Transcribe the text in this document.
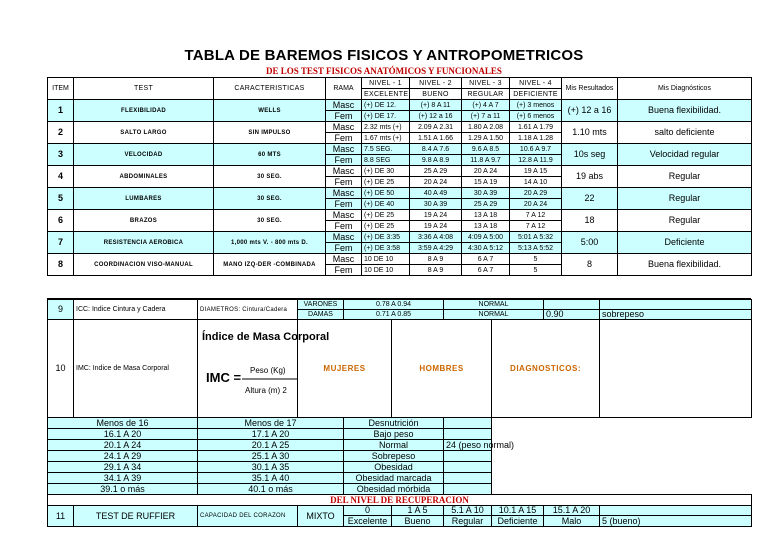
TABLA DE BAREMOS FISICOS Y ANTROPOMETRICOS
DE LOS TEST FISICOS ANATÓMICOS Y FUNCIONALES
ITEM	TEST	CARACTERISTICAS	RAMA	NIVEL - 1	NIVEL - 2	NIVEL - 3	NIVEL - 4	Mis Resultados	Mis Diagnósticos
				EXCELENTE	BUENO	REGULAR	DEFICIENTE		
1	FLEXIBILIDAD	WELLS	Masc	(+) DE 12.	(+) 8 A 11	(+) 4 A 7	(+) 3 menos	(+) 12 a 16	Buena flexibilidad.
			Fem	(+) DE 17.	(+) 12 a 16	(+) 7 a 11	(+) 6 menos		
2	SALTO LARGO	SIN IMPULSO	Masc	2.32 mts (+)	2.09 A 2.31	1.80 A 2.08	1.61 A 1.79	1.10 mts	salto deficiente
			Fem	1.67 mts (+)	1.51 A 1.66	1.29 A 1.50	1.18 A 1.28		
3	VELOCIDAD	60 MTS	Masc	7.5 SEG.	8.4 A 7.6	9.6 A 8.5	10.6 A 9.7	10s seg	Velocidad regular
			Fem	8.8 SEG	9.8 A 8.9	11.8 A 9.7	12.8 A 11.9		
4	ABDOMINALES	30 SEG.	Masc	(+) DE 30	25 A 29	20 A 24	19 A 15	19 abs	Regular
			Fem	(+) DE 25	20 A 24	15 A 19	14 A 10		
5	LUMBARES	30 SEG.	Masc	(+) DE 50	40 A 49	30 A 39	20 A 29	22	Regular
			Fem	(+) DE 40	30 A 39	25 A 29	20 A 24		
6	BRAZOS	30 SEG.	Masc	(+) DE 25	19 A 24	13 A 18	7 A 12	18	Regular
			Fem	(+) DE 25	19 A 24	13 A 18	7 A 12		
7	RESISTENCIA AEROBICA	1,000 mts V. - 800 mts D.	Masc	(+) DE 3:35	3:36 A 4:08	4:09 A 5:00	5:01 A 5:32	5:00	Deficiente
			Fem	(+) DE 3:58	3:59 A 4:29	4:30 A 5:12	5:13 A 5:52		
8	COORDINACION VISO-MANUAL	MANO IZQ-DER -COMBINADA	Masc	10 DE 10	8 A 9	6 A 7	5	8	Buena flexibilidad.
			Fem	10 DE 10	8 A 9	6 A 7	5		
9	ICC: Indice Cintura y Cadera	DIAMETROS: Cintura/Cadera	VARONES	0.78 A 0.94		NORMAL			
			DAMAS	0.71 A 0.85		NORMAL		0.90	sobrepeso
10	IMC: Indice de Masa Corporal	Índice de Masa Corporal
IMC = Peso (Kg)
Altura (m) 2	MUJERES		HOMBRES		DIAGNOSTICOS:		
Menos de 16		Menos de 17		Desnutrición					
16.1 A 20		17.1 A 20		Bajo peso					
20.1 A 24		20.1 A 25		Normal		24 (peso normal)			
24.1 A 29		25.1 A 30		Sobrepeso					
29.1 A 34		30.1 A 35		Obesidad					
34.1 A 39		35.1 A 40		Obesidad marcada					
39.1 o más		40.1 o más		Obesidad mórbida					
DEL NIVEL DE RECUPERACION									
11	TEST DE RUFFIER	CAPACIDAD DEL CORAZON	MIXTO	0	1 A 5	5.1 A 10	10.1 A 15	15.1 A 20	
				Excelente	Bueno	Regular	Deficiente	Malo	5 (bueno)
